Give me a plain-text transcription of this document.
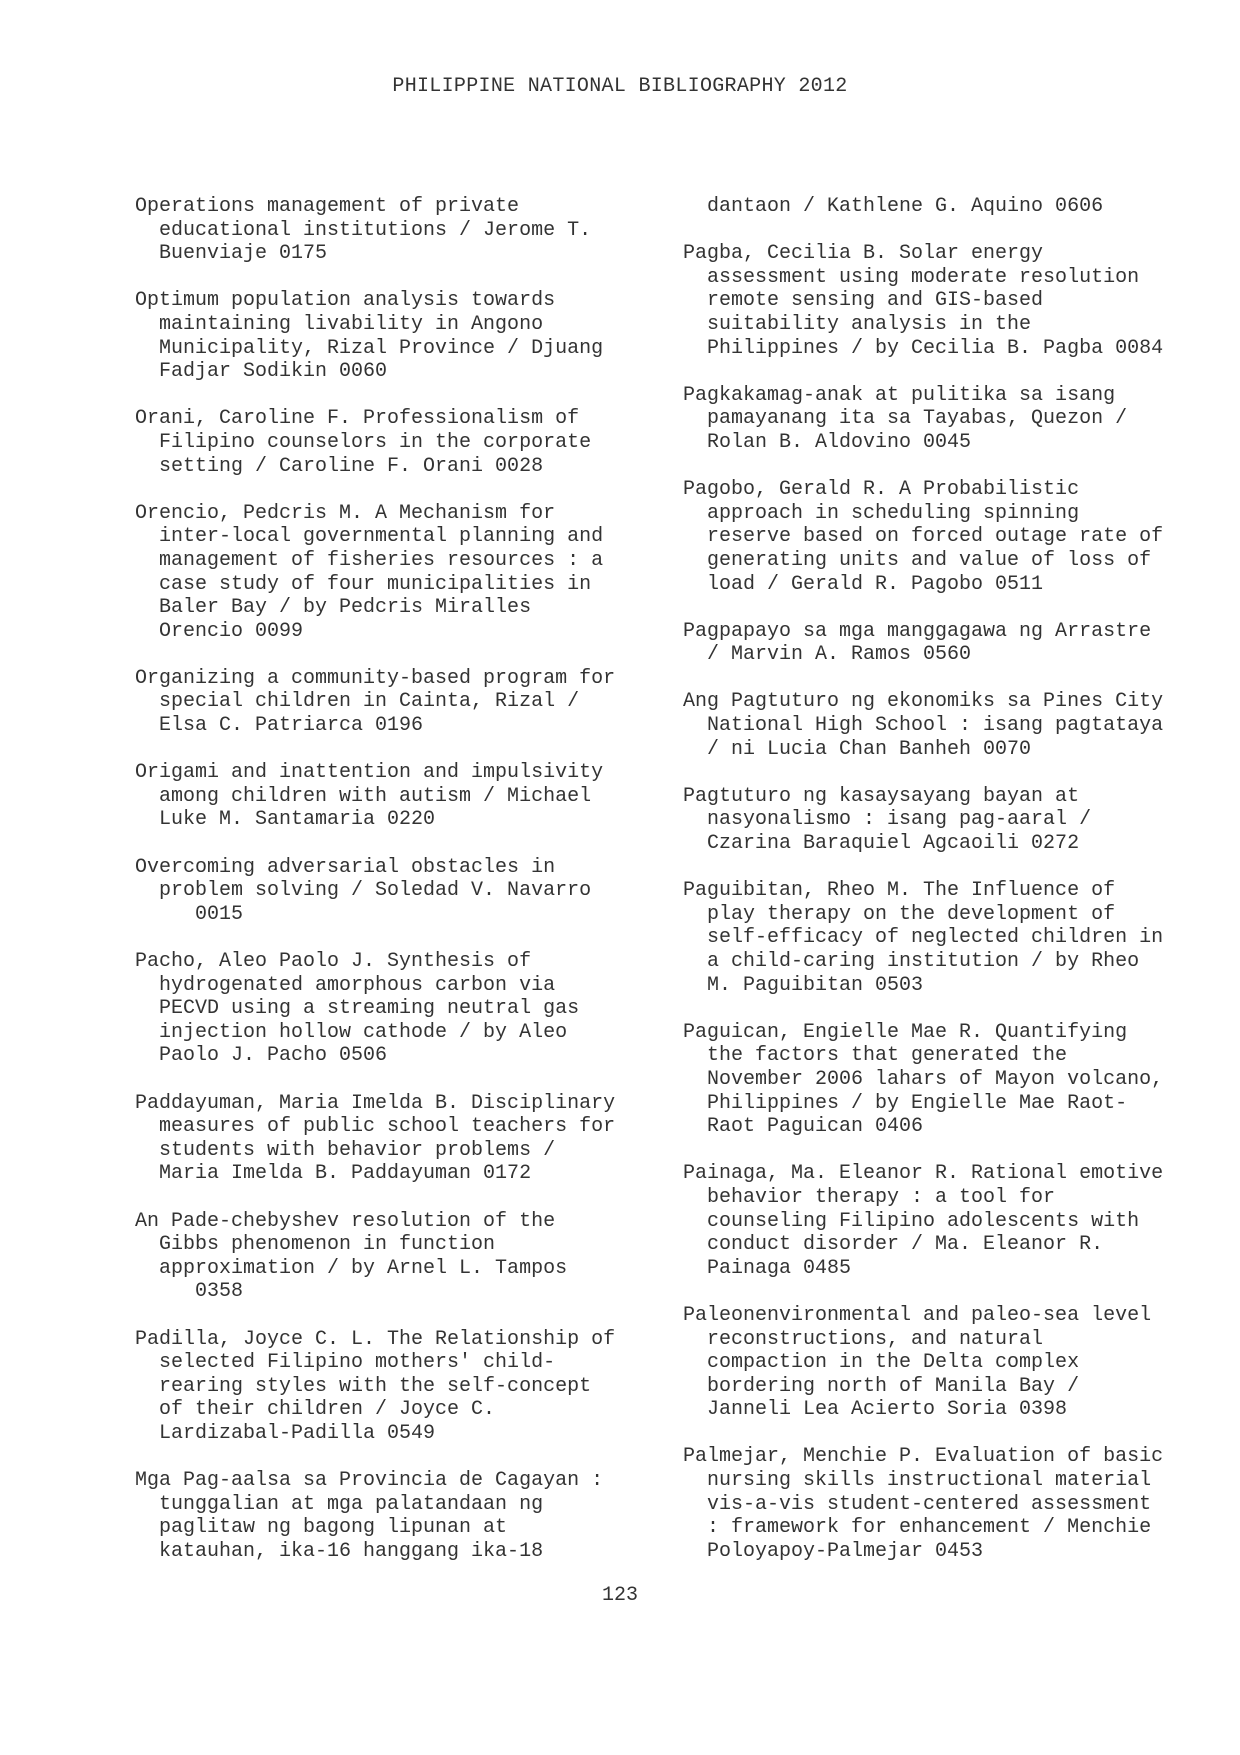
PHILIPPINE NATIONAL BIBLIOGRAPHY 2012
Operations management of private
educational institutions / Jerome T.
Buenviaje 0175
Optimum population analysis towards
maintaining livability in Angono
Municipality, Rizal Province / Djuang
Fadjar Sodikin 0060
Orani, Caroline F. Professionalism of
Filipino counselors in the corporate
setting / Caroline F. Orani 0028
Orencio, Pedcris M. A Mechanism for
inter-local governmental planning and
management of fisheries resources : a
case study of four municipalities in
Baler Bay / by Pedcris Miralles
Orencio 0099
Organizing a community-based program for
special children in Cainta, Rizal /
Elsa C. Patriarca 0196
Origami and inattention and impulsivity
among children with autism / Michael
Luke M. Santamaria 0220
Overcoming adversarial obstacles in
problem solving / Soledad V. Navarro
0015
Pacho, Aleo Paolo J. Synthesis of
hydrogenated amorphous carbon via
PECVD using a streaming neutral gas
injection hollow cathode / by Aleo
Paolo J. Pacho 0506
Paddayuman, Maria Imelda B. Disciplinary
measures of public school teachers for
students with behavior problems /
Maria Imelda B. Paddayuman 0172
An Pade-chebyshev resolution of the
Gibbs phenomenon in function
approximation / by Arnel L. Tampos
0358
Padilla, Joyce C. L. The Relationship of
selected Filipino mothers' child-
rearing styles with the self-concept
of their children / Joyce C.
Lardizabal-Padilla 0549
Mga Pag-aalsa sa Provincia de Cagayan :
tunggalian at mga palatandaan ng
paglitaw ng bagong lipunan at
katauhan, ika-16 hanggang ika-18
dantaon / Kathlene G. Aquino 0606
Pagba, Cecilia B. Solar energy
assessment using moderate resolution
remote sensing and GIS-based
suitability analysis in the
Philippines / by Cecilia B. Pagba 0084
Pagkakamag-anak at pulitika sa isang
pamayanang ita sa Tayabas, Quezon /
Rolan B. Aldovino 0045
Pagobo, Gerald R. A Probabilistic
approach in scheduling spinning
reserve based on forced outage rate of
generating units and value of loss of
load / Gerald R. Pagobo 0511
Pagpapayo sa mga manggagawa ng Arrastre
/ Marvin A. Ramos 0560
Ang Pagtuturo ng ekonomiks sa Pines City
National High School : isang pagtataya
/ ni Lucia Chan Banheh 0070
Pagtuturo ng kasaysayang bayan at
nasyonalismo : isang pag-aaral /
Czarina Baraquiel Agcaoili 0272
Paguibitan, Rheo M. The Influence of
play therapy on the development of
self-efficacy of neglected children in
a child-caring institution / by Rheo
M. Paguibitan 0503
Paguican, Engielle Mae R. Quantifying
the factors that generated the
November 2006 lahars of Mayon volcano,
Philippines / by Engielle Mae Raot-
Raot Paguican 0406
Painaga, Ma. Eleanor R. Rational emotive
behavior therapy : a tool for
counseling Filipino adolescents with
conduct disorder / Ma. Eleanor R.
Painaga 0485
Paleonenvironmental and paleo-sea level
reconstructions, and natural
compaction in the Delta complex
bordering north of Manila Bay /
Janneli Lea Acierto Soria 0398
Palmejar, Menchie P. Evaluation of basic
nursing skills instructional material
vis-a-vis student-centered assessment
: framework for enhancement / Menchie
Poloyapoy-Palmejar 0453
123
